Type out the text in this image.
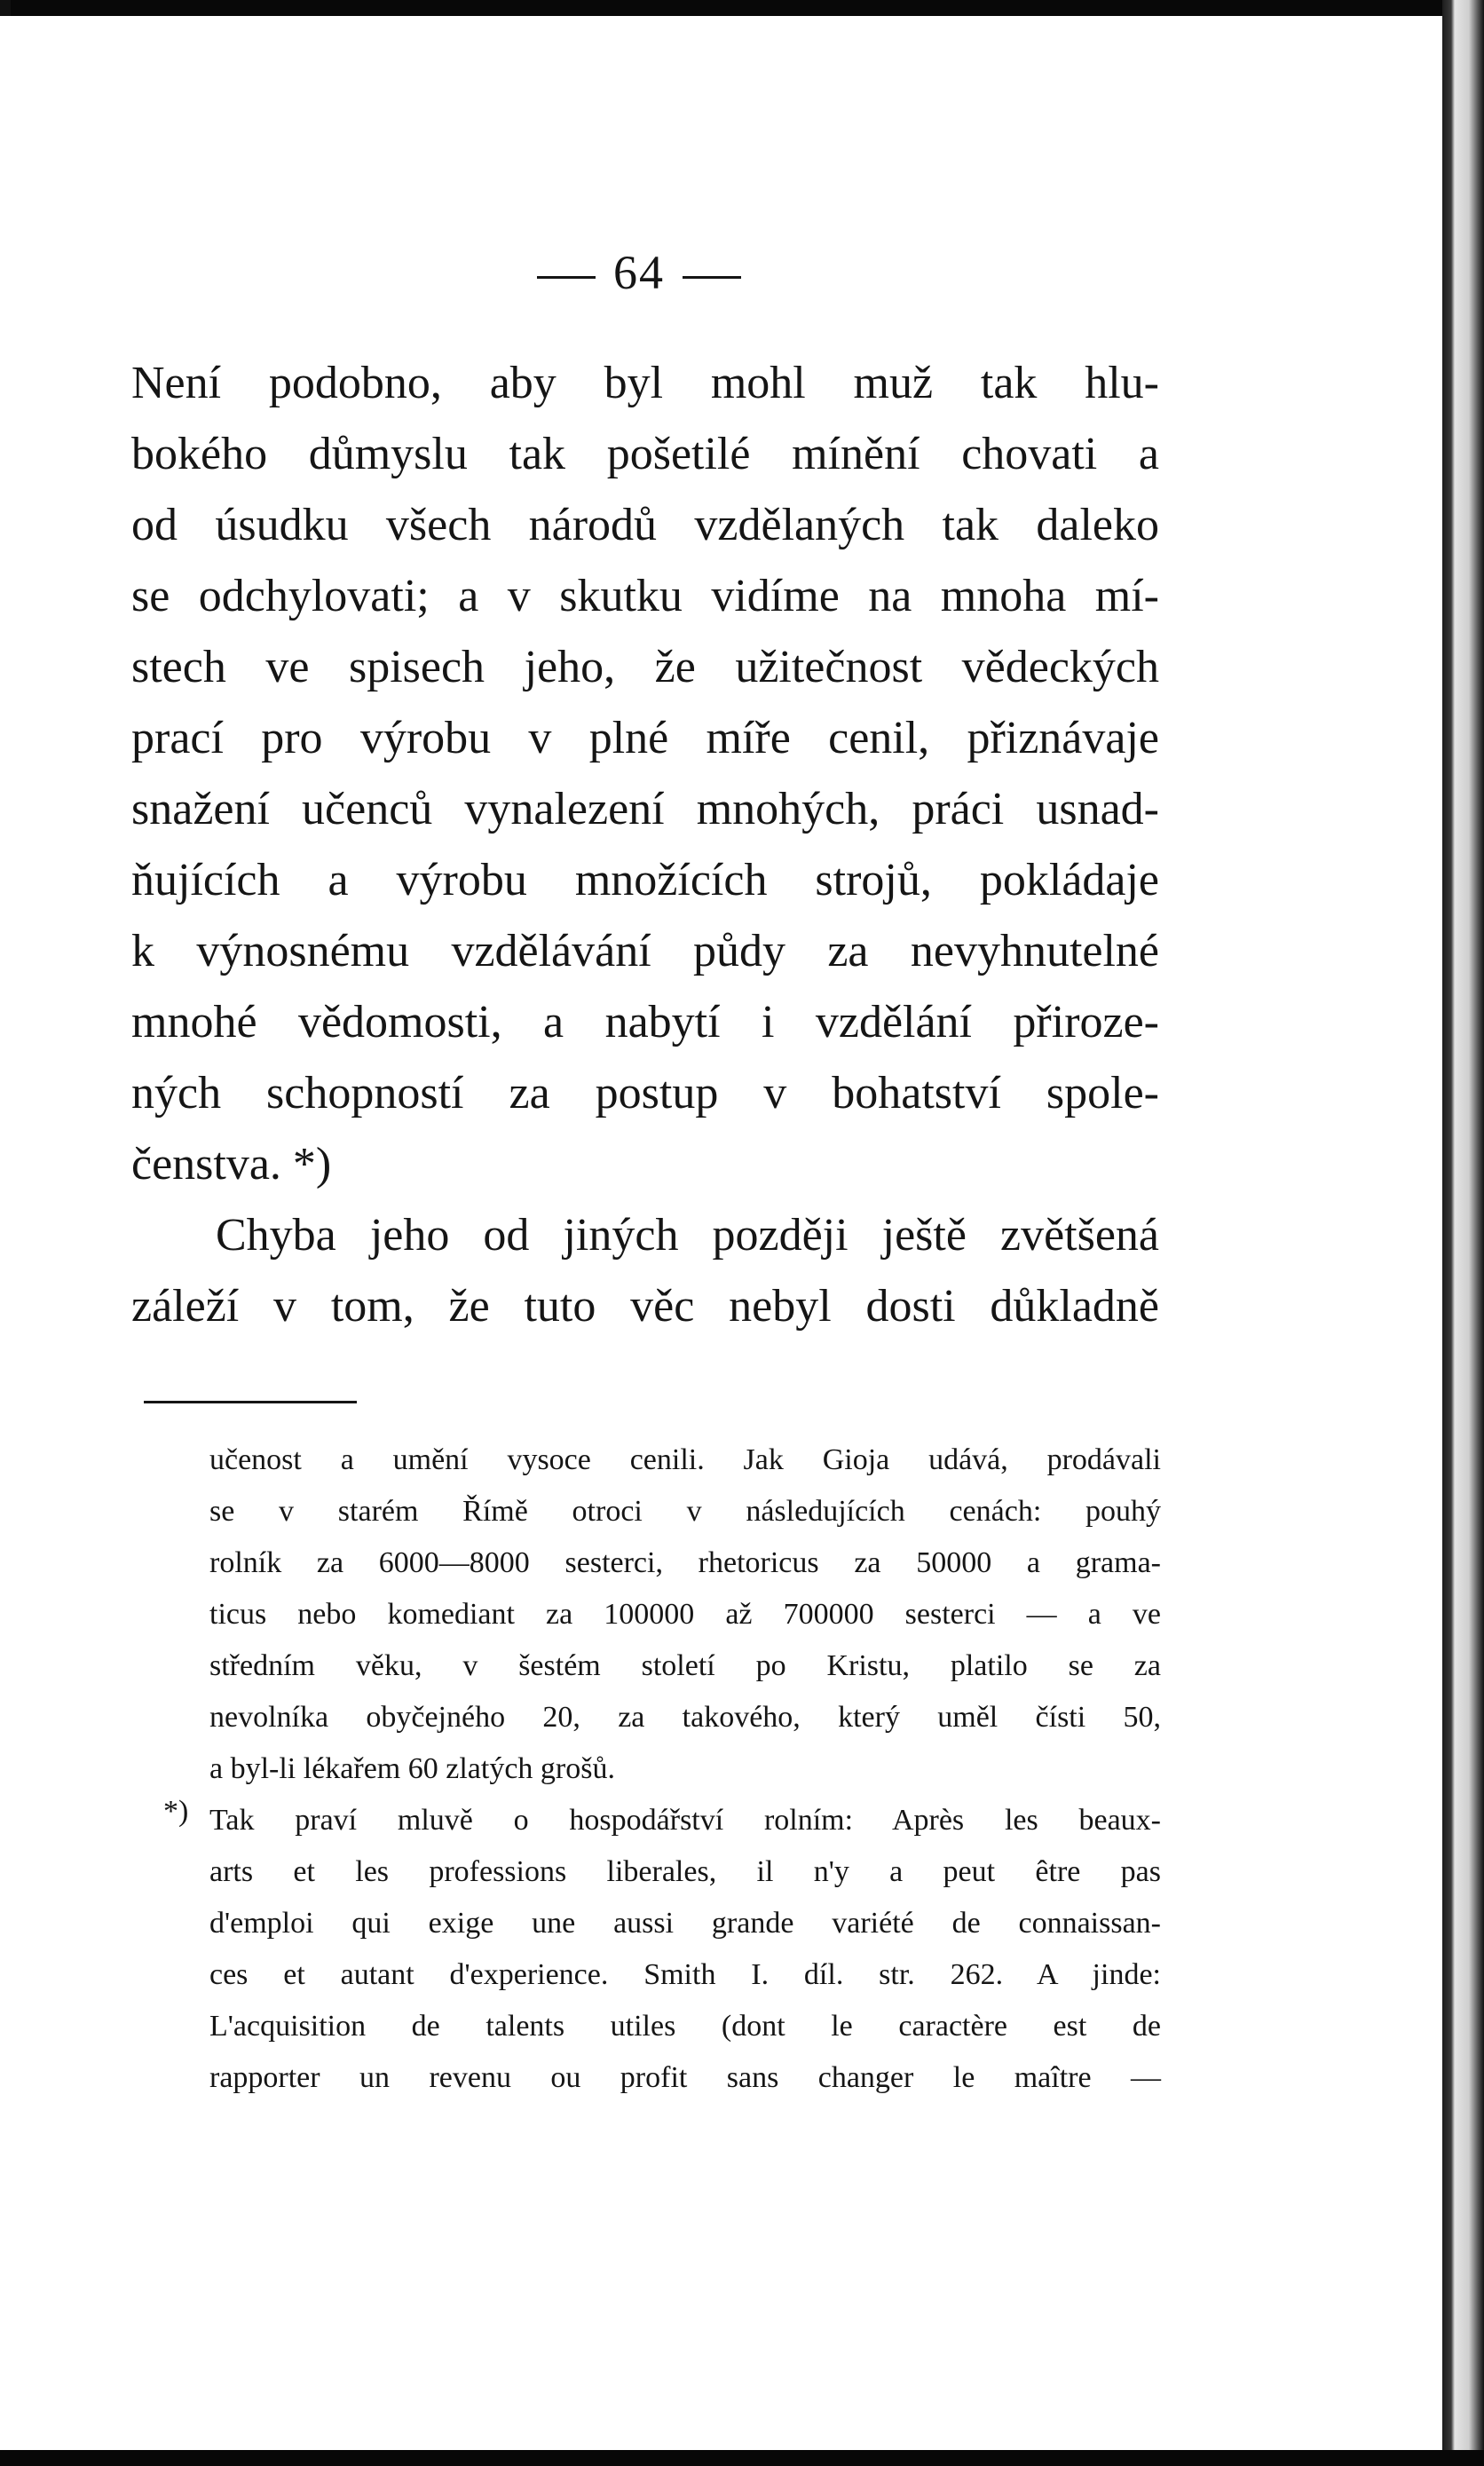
64
Není podobno, aby byl mohl muž tak hlu-
bokého důmyslu tak pošetilé mínění chovati a
od úsudku všech národů vzdělaných tak daleko
se odchylovati; a v skutku vidíme na mnoha mí-
stech ve spisech jeho, že užitečnost vědeckých
prací pro výrobu v plné míře cenil, přiznávaje
snažení učenců vynalezení mnohých, práci usnad-
ňujících a výrobu množících strojů, pokládaje
k výnosnému vzdělávání půdy za nevyhnutelné
mnohé vědomosti, a nabytí i vzdělání přiroze-
ných schopností za postup v bohatství spole-
čenstva. *)
Chyba jeho od jiných později ještě zvětšená
záleží v tom, že tuto věc nebyl dosti důkladně
učenost a umění vysoce cenili. Jak Gioja udává, prodávali
se v starém Římě otroci v následujících cenách: pouhý
rolník za 6000—8000 sesterci, rhetoricus za 50000 a grama-
ticus nebo komediant za 100000 až 700000 sesterci — a ve
středním věku, v šestém století po Kristu, platilo se za
nevolníka obyčejného 20, za takového, který uměl čísti 50,
a byl-li lékařem 60 zlatých grošů.
*) Tak praví mluvě o hospodářství rolním: Après les beaux-
arts et les professions liberales, il n'y a peut être pas
d'emploi qui exige une aussi grande variété de connaissan-
ces et autant d'experience. Smith I. díl. str. 262. A jinde:
L'acquisition de talents utiles (dont le caractère est de
rapporter un revenu ou profit sans changer le maître —
